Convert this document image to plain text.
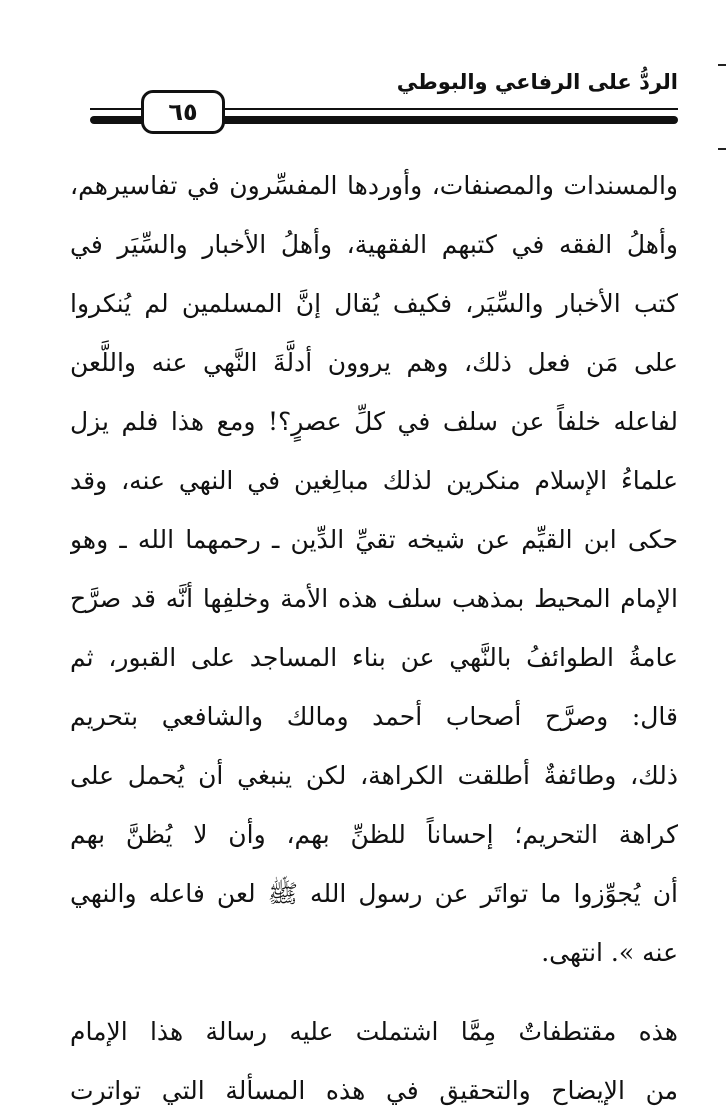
الردُّ على الرفاعي والبوطي
٦٥
والمسندات والمصنفات، وأوردها المفسِّرون في تفاسيرهم،
وأهلُ الفقه في كتبهم الفقهية، وأهلُ الأخبار والسِّيَر في
كتب الأخبار والسِّيَر، فكيف يُقال إنَّ المسلمين لم يُنكروا
على مَن فعل ذلك، وهم يروون أدلَّةَ النَّهي عنه واللَّعن
لفاعله خلفاً عن سلف في كلِّ عصرٍ؟! ومع هذا فلم يزل
علماءُ الإسلام منكرين لذلك مبالِغين في النهي عنه، وقد
حكى ابن القيِّم عن شيخه تقيِّ الدِّين ـ رحمهما الله ـ وهو
الإمام المحيط بمذهب سلف هذه الأمة وخلفِها أنَّه قد صرَّح
عامةُ الطوائفُ بالنَّهي عن بناء المساجد على القبور، ثم
قال: وصرَّح أصحاب أحمد ومالك والشافعي بتحريم
ذلك، وطائفةٌ أطلقت الكراهة، لكن ينبغي أن يُحمل على
كراهة التحريم؛ إحساناً للظنِّ بهم، وأن لا يُظنَّ بهم
أن يُجوِّزوا ما تواتَر عن رسول الله ﷺ لعن فاعله والنهي
عنه ». انتهى.
هذه مقتطفاتٌ مِمَّا اشتملت عليه رسالة هذا الإمام
من الإيضاح والتحقيق في هذه المسألة التي تواترت
